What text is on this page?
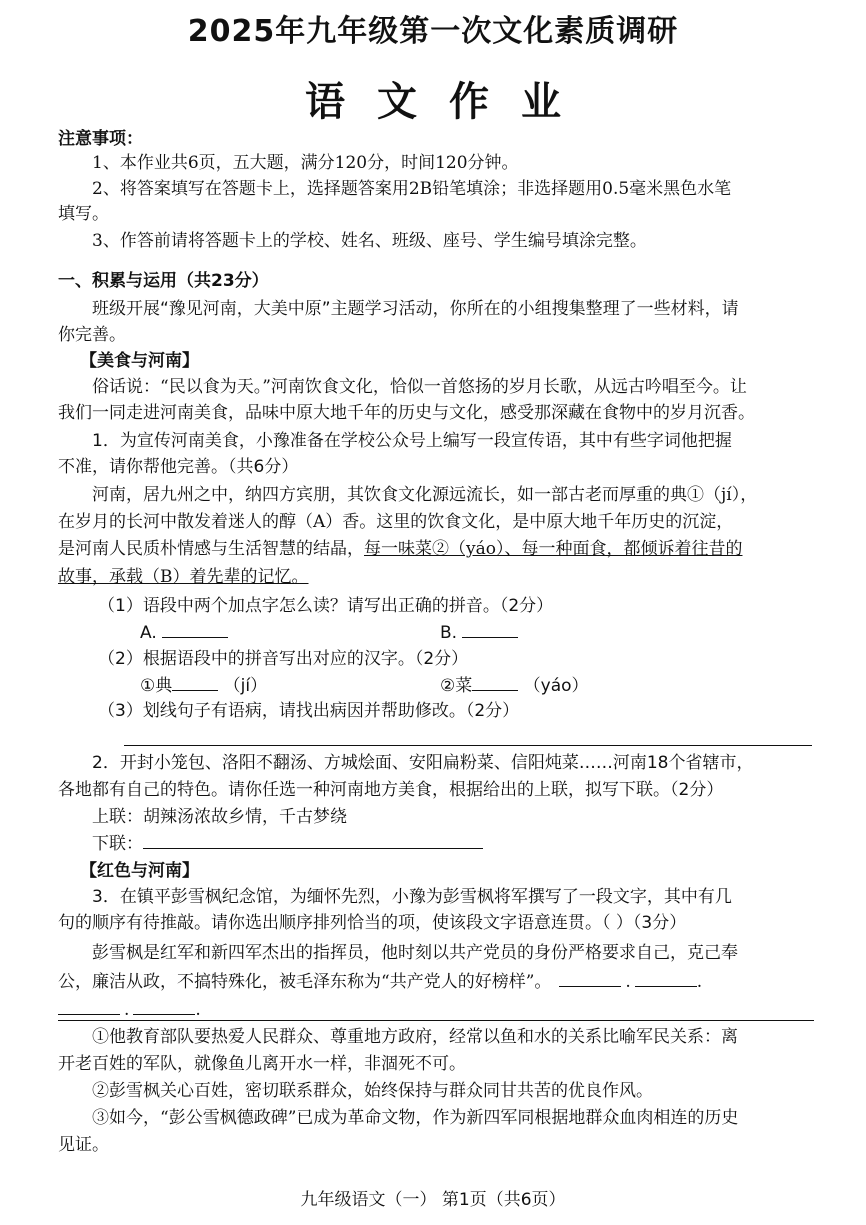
2025年九年级第一次文化素质调研
语文作业
注意事项：
1、本作业共6页，五大题，满分120分，时间120分钟。
2、将答案填写在答题卡上，选择题答案用2B铅笔填涂；非选择题用0.5毫米黑色水笔
填写。
3、作答前请将答题卡上的学校、姓名、班级、座号、学生编号填涂完整。
一、积累与运用（共23分）
班级开展“豫见河南，大美中原”主题学习活动，你所在的小组搜集整理了一些材料，请
你完善。
【美食与河南】
俗话说：“民以食为天。”河南饮食文化，恰似一首悠扬的岁月长歌，从远古吟唱至今。让
我们一同走进河南美食，品味中原大地千年的历史与文化，感受那深藏在食物中的岁月沉香。
1．为宣传河南美食，小豫准备在学校公众号上编写一段宣传语，其中有些字词他把握
不准，请你帮他完善。（共6分）
河南，居九州之中，纳四方宾朋，其饮食文化源远流长，如一部古老而厚重的典①（jí），
在岁月的长河中散发着迷人的醇（A）香。这里的饮食文化，是中原大地千年历史的沉淀，
是河南人民质朴情感与生活智慧的结晶，每一味菜②（yáo）、每一种面食，都倾诉着往昔的
故事，承载（B）着先辈的记忆。
（1）语段中两个加点字怎么读？请写出正确的拼音。（2分）
A.	B.
（2）根据语段中的拼音写出对应的汉字。（2分）
①典	（jí）	②菜	（yáo）
（3）划线句子有语病，请找出病因并帮助修改。（2分）
2．开封小笼包、洛阳不翻汤、方城烩面、安阳扁粉菜、信阳炖菜……河南18个省辖市，
各地都有自己的特色。请你任选一种河南地方美食，根据给出的上联，拟写下联。（2分）
上联：胡辣汤浓故乡情，千古梦绕
下联：
【红色与河南】
3．在镇平彭雪枫纪念馆，为缅怀先烈，小豫为彭雪枫将军撰写了一段文字，其中有几
句的顺序有待推敲。请你选出顺序排列恰当的项，使该段文字语意连贯。（ ）（3分）
彭雪枫是红军和新四军杰出的指挥员，他时刻以共产党员的身份严格要求自己，克己奉
公，廉洁从政，不搞特殊化，被毛泽东称为“共产党人的好榜样”。	.	.
.	.
①他教育部队要热爱人民群众、尊重地方政府，经常以鱼和水的关系比喻军民关系：离
开老百姓的军队，就像鱼儿离开水一样，非涸死不可。
②彭雪枫关心百姓，密切联系群众，始终保持与群众同甘共苦的优良作风。
③如今，“彭公雪枫德政碑”已成为革命文物，作为新四军同根据地群众血肉相连的历史
见证。
九年级语文（一） 第1页（共6页）
